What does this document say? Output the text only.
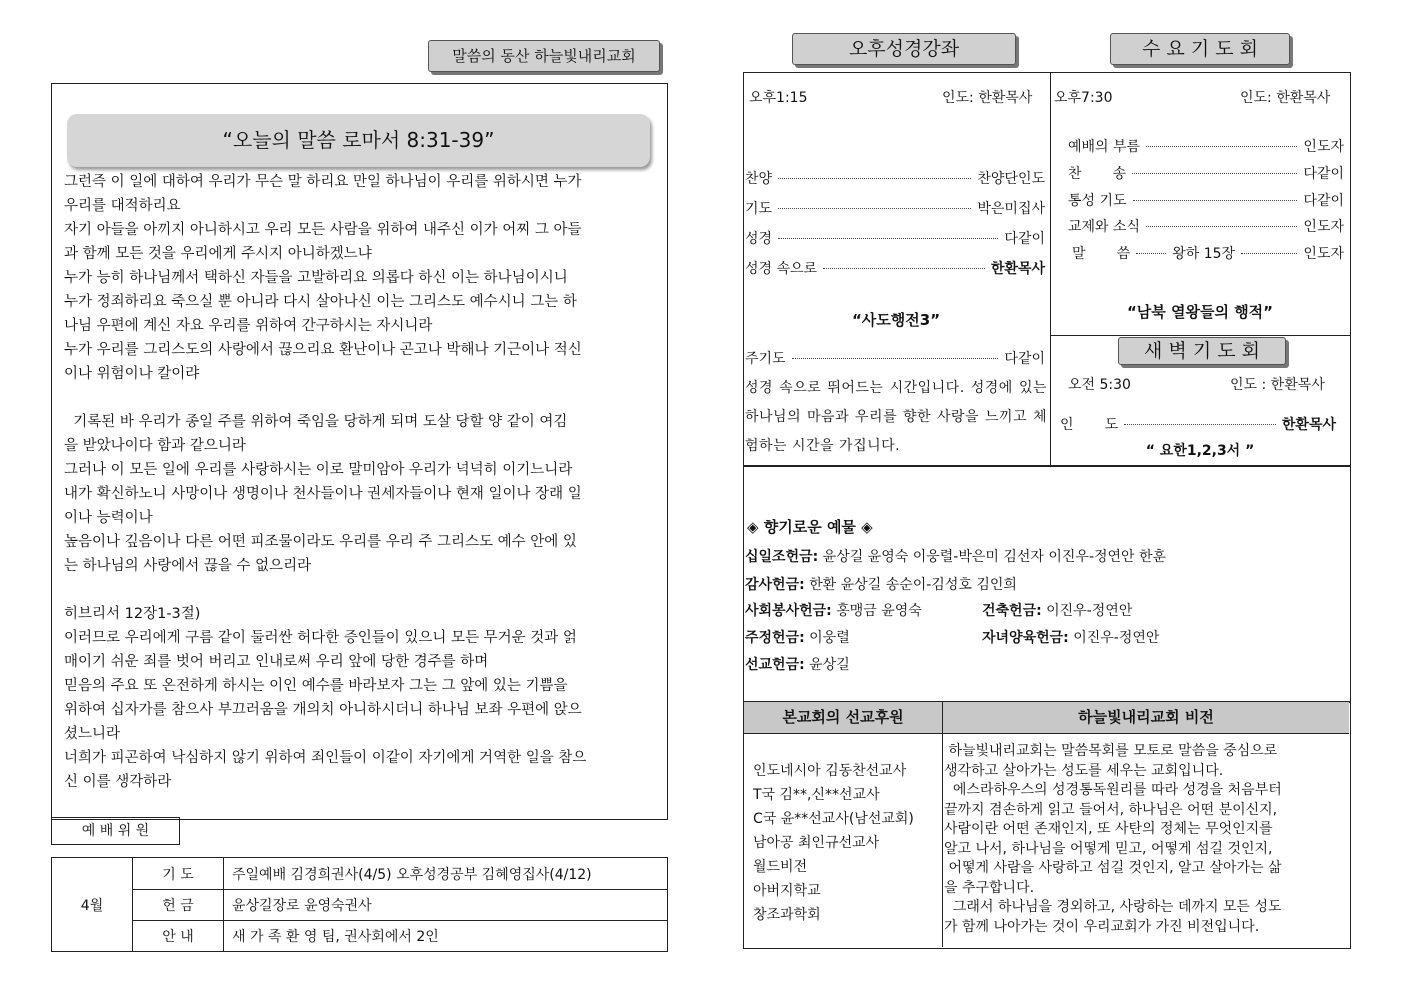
말씀의 동산 하늘빛내리교회
“오늘의 말씀 로마서 8:31-39”

그런즉 이 일에 대하여 우리가 무슨 말 하리요 만일 하나님이 우리를 위하시면 누가

우리를 대적하리요

자기 아들을 아끼지 아니하시고 우리 모든 사람을 위하여 내주신 이가 어찌 그 아들

과 함께 모든 것을 우리에게 주시지 아니하겠느냐

누가 능히 하나님께서 택하신 자들을 고발하리요 의롭다 하신 이는 하나님이시니

누가 정죄하리요 죽으실 뿐 아니라 다시 살아나신 이는 그리스도 예수시니 그는 하

나님 우편에 계신 자요 우리를 위하여 간구하시는 자시니라

누가 우리를 그리스도의 사랑에서 끊으리요 환난이나 곤고나 박해나 기근이나 적신

이나 위험이나 칼이랴

기록된 바 우리가 종일 주를 위하여 죽임을 당하게 되며 도살 당할 양 같이 여김

을 받았나이다 함과 같으니라

그러나 이 모든 일에 우리를 사랑하시는 이로 말미암아 우리가 넉넉히 이기느니라

내가 확신하노니 사망이나 생명이나 천사들이나 권세자들이나 현재 일이나 장래 일

이나 능력이나

높음이나 깊음이나 다른 어떤 피조물이라도 우리를 우리 주 그리스도 예수 안에 있

는 하나님의 사랑에서 끊을 수 없으리라

히브리서 12장1-3절)

이러므로 우리에게 구름 같이 둘러싼 허다한 증인들이 있으니 모든 무거운 것과 얽

매이기 쉬운 죄를 벗어 버리고 인내로써 우리 앞에 당한 경주를 하며

믿음의 주요 또 온전하게 하시는 이인 예수를 바라보자 그는 그 앞에 있는 기쁨을

위하여 십자가를 참으사 부끄러움을 개의치 아니하시더니 하나님 보좌 우편에 앉으

셨느니라

너희가 피곤하여 낙심하지 않기 위하여 죄인들이 이같이 자기에게 거역한 일을 참으

신 이를 생각하라

예 배 위 원
4월	기 도	주일예배 김경희권사(4/5) 오후성경공부 김혜영집사(4/12)
	헌 금	윤상길장로 윤영숙권사
	안 내	새 가 족 환 영 팀, 권사회에서 2인
오후성경강좌	수 요 기 도 회
오후1:15	인도: 한환목사
찬양	찬양단인도
기도	박은미집사
성경	다같이
성경 속으로	한환목사
“사도행전3”
주기도	다같이
성경 속으로 뛰어드는 시간입니다. 성경에 있는 하나님의 마음과 우리를 향한 사랑을 느끼고 체험하는 시간을 가집니다.
오후7:30	인도: 한환목사
예배의 부름	인도자
찬       송	다같이
통성 기도	다같이
교제와 소식	인도자
말       씀	왕하 15장	인도자
“남북 열왕들의 행적”
새 벽 기 도 회
오전 5:30	인도 : 한환목사
인       도	한환목사
“ 요한1,2,3서 ”
◈ 향기로운 예물 ◈
십일조헌금: 윤상길 윤영숙 이웅렬-박은미 김선자 이진우-정연안 한훈
감사헌금: 한환 윤상길 송순이-김성호 김인희
사회봉사헌금: 홍맹금 윤영숙	건축헌금: 이진우-정연안
주정헌금: 이웅렬	자녀양육헌금: 이진우-정연안
선교헌금: 윤상길
본교회의 선교후원	하늘빛내리교회 비전
인도네시아 김동찬선교사
T국 김**,신**선교사
C국 윤**선교사(남선교회)
남아공 최인규선교사
월드비전
아버지학교
창조과학회
하늘빛내리교회는 말씀목회를 모토로 말씀을 중심으로
생각하고 살아가는 성도를 세우는 교회입니다.
에스라하우스의 성경통독원리를 따라 성경을 처음부터
끝까지 겸손하게 읽고 들어서, 하나님은 어떤 분이신지,
사람이란 어떤 존재인지, 또 사탄의 정체는 무엇인지를
알고 나서, 하나님을 어떻게 믿고, 어떻게 섬길 것인지,
어떻게 사람을 사랑하고 섬길 것인지, 알고 살아가는 삶
을 추구합니다.
그래서 하나님을 경외하고, 사랑하는 데까지 모든 성도
가 함께 나아가는 것이 우리교회가 가진 비전입니다.
